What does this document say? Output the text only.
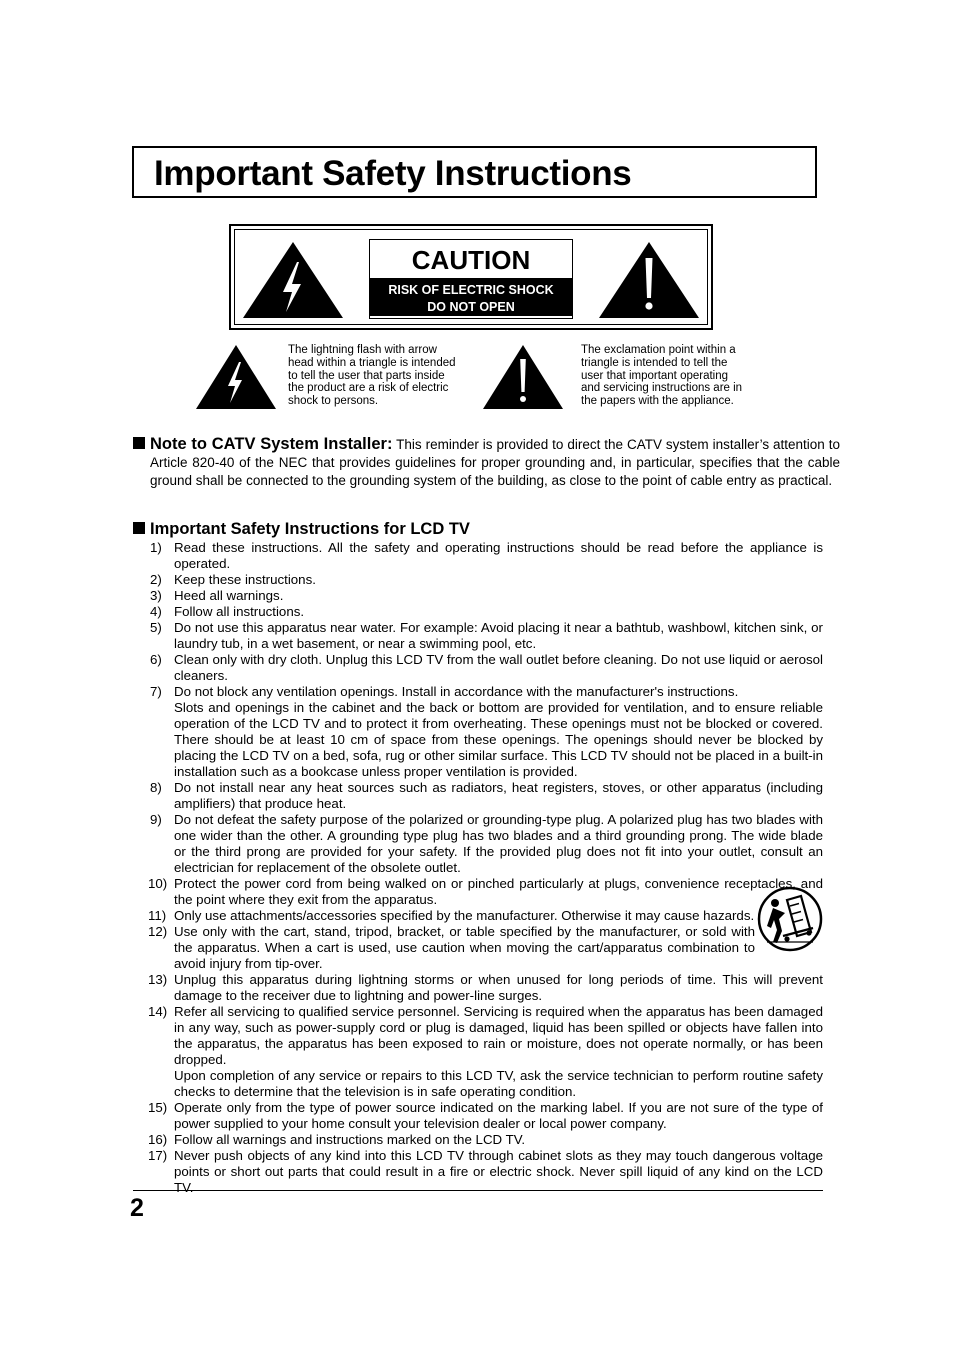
Important Safety Instructions
CAUTION
RISK OF ELECTRIC SHOCK
DO NOT OPEN
The lightning flash with arrow
head within a triangle is intended
to tell the user that parts inside
the product are a risk of electric
shock to persons.
The exclamation point within a
triangle is intended to tell the
user that important operating
and servicing instructions are in
the papers with the appliance.
Note to CATV System Installer: This reminder is provided to direct the CATV system installer’s attention to Article 820-40 of the NEC that provides guidelines for proper grounding and, in particular, specifies that the cable ground shall be connected to the grounding system of the building, as close to the point of cable entry as practical.
Important Safety Instructions for LCD TV
1) Read these instructions. All the safety and operating instructions should be read before the appliance is operated.
2) Keep these instructions.
3) Heed all warnings.
4) Follow all instructions.
5) Do not use this apparatus near water. For example: Avoid placing it near a bathtub, washbowl, kitchen sink, or laundry tub, in a wet basement, or near a swimming pool, etc.
6) Clean only with dry cloth. Unplug this LCD TV from the wall outlet before cleaning. Do not use liquid or aerosol cleaners.
7) Do not block any ventilation openings. Install in accordance with the manufacturer's instructions.
Slots and openings in the cabinet and the back or bottom are provided for ventilation, and to ensure reliable operation of the LCD TV and to protect it from overheating. These openings must not be blocked or covered. There should be at least 10 cm of space from these openings. The openings should never be blocked by placing the LCD TV on a bed, sofa, rug or other similar surface. This LCD TV should not be placed in a built-in installation such as a bookcase unless proper ventilation is provided.
8) Do not install near any heat sources such as radiators, heat registers, stoves, or other apparatus (including amplifiers) that produce heat.
9) Do not defeat the safety purpose of the polarized or grounding-type plug. A polarized plug has two blades with one wider than the other. A grounding type plug has two blades and a third grounding prong. The wide blade or the third prong are provided for your safety. If the provided plug does not fit into your outlet, consult an electrician for replacement of the obsolete outlet.
10) Protect the power cord from being walked on or pinched particularly at plugs, convenience receptacles, and the point where they exit from the apparatus.
11) Only use attachments/accessories specified by the manufacturer. Otherwise it may cause hazards.
12) Use only with the cart, stand, tripod, bracket, or table specified by the manufacturer, or sold with the apparatus. When a cart is used, use caution when moving the cart/apparatus combination to avoid injury from tip-over.
13) Unplug this apparatus during lightning storms or when unused for long periods of time. This will prevent damage to the receiver due to lightning and power-line surges.
14) Refer all servicing to qualified service personnel. Servicing is required when the apparatus has been damaged in any way, such as power-supply cord or plug is damaged, liquid has been spilled or objects have fallen into the apparatus, the apparatus has been exposed to rain or moisture, does not operate normally, or has been dropped.
Upon completion of any service or repairs to this LCD TV, ask the service technician to perform routine safety checks to determine that the television is in safe operating condition.
15) Operate only from the type of power source indicated on the marking label. If you are not sure of the type of power supplied to your home consult your television dealer or local power company.
16) Follow all warnings and instructions marked on the LCD TV.
17) Never push objects of any kind into this LCD TV through cabinet slots as they may touch dangerous voltage points or short out parts that could result in a fire or electric shock. Never spill liquid of any kind on the LCD TV.
2
